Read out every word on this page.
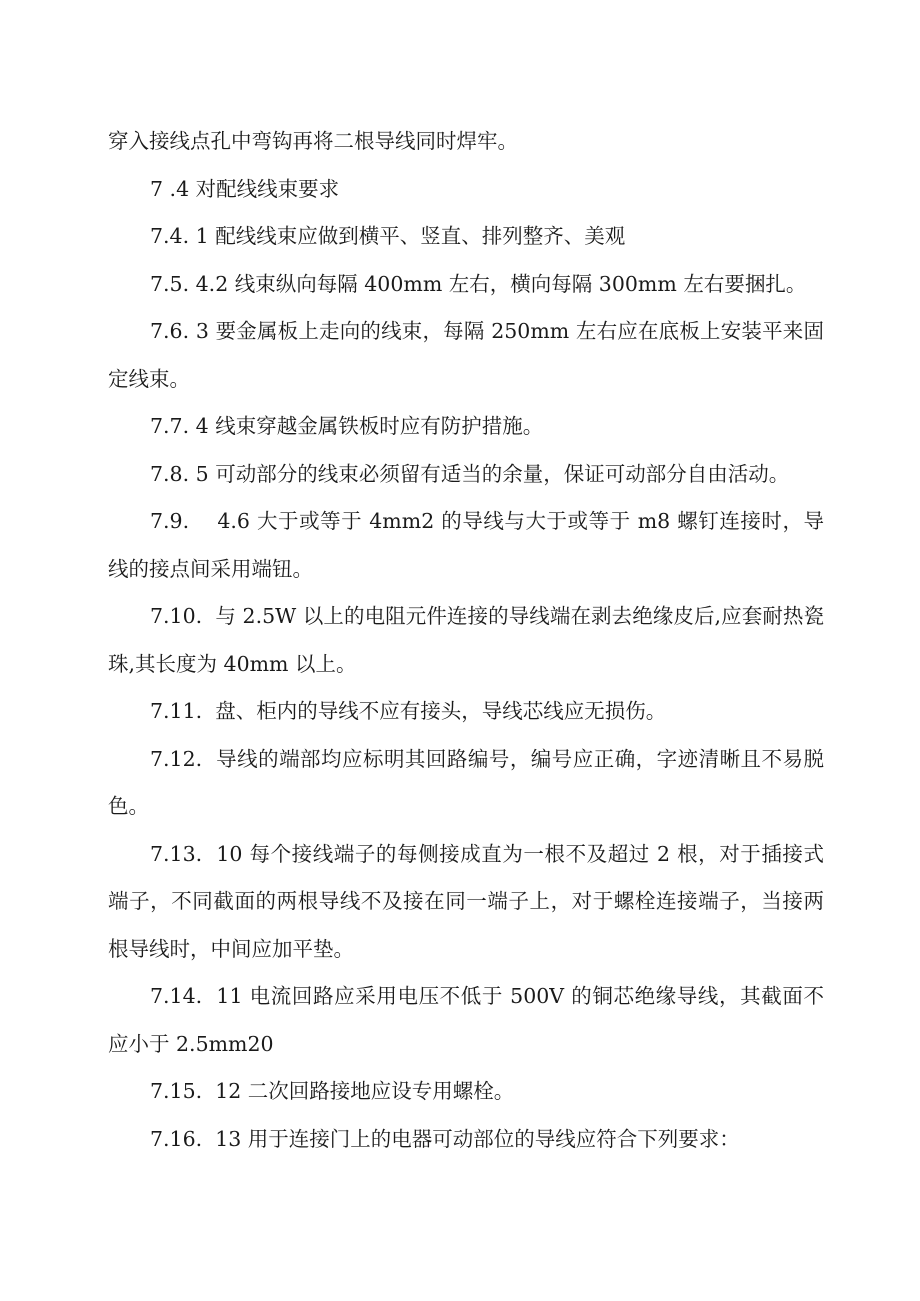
穿入接线点孔中弯钩再将二根导线同时焊牢。

7 .4 对配线线束要求

7.4. 1 配线线束应做到横平、竖直、排列整齐、美观

7.5. 4.2 线束纵向每隔 400mm 左右，横向每隔 300mm 左右要捆扎。

7.6. 3 要金属板上走向的线束，每隔 250mm 左右应在底板上安装平来固定线束。

7.7. 4 线束穿越金属铁板时应有防护措施。

7.8. 5 可动部分的线束必须留有适当的余量，保证可动部分自由活动。

7.9.    4.6 大于或等于 4mm2 的导线与大于或等于 m8 螺钉连接时，导线的接点间采用端钮。

7.10.  与 2.5W 以上的电阻元件连接的导线端在剥去绝缘皮后,应套耐热瓷珠,其长度为 40mm 以上。

7.11.  盘、柜内的导线不应有接头，导线芯线应无损伤。

7.12.  导线的端部均应标明其回路编号，编号应正确，字迹清晰且不易脱色。

7.13.  10 每个接线端子的每侧接成直为一根不及超过 2 根，对于插接式端子，不同截面的两根导线不及接在同一端子上，对于螺栓连接端子，当接两根导线时，中间应加平垫。

7.14.  11 电流回路应采用电压不低于 500V 的铜芯绝缘导线，其截面不应小于 2.5mm20

7.15.  12 二次回路接地应设专用螺栓。

7.16.  13 用于连接门上的电器可动部位的导线应符合下列要求：
